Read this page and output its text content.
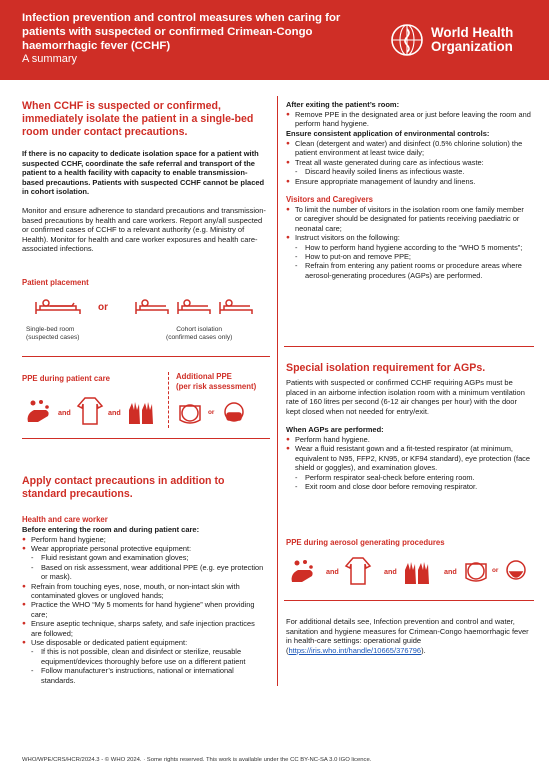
Infection prevention and control measures when caring for patients with suspected or confirmed Crimean-Congo haemorrhagic fever (CCHF)
A summary
World Health
Organization
When CCHF is suspected or confirmed, immediately isolate the patient in a single-bed room under contact precautions.
If there is no capacity to dedicate isolation space for a patient with suspected CCHF, coordinate the safe referral and transport of the patient to a health facility with capacity to enable transmission-based precautions. Patients with suspected CCHF cannot be placed in cohort isolation.
Monitor and ensure adherence to standard precautions and transmission-based precautions by health and care workers. Report any/all suspected or confirmed cases of CCHF to a relevant authority (e.g. Ministry of Health). Monitor for health and care worker exposures and health care-associated infections.
Patient placement
or
Single-bed room
(suspected cases)
Cohort isolation
(confirmed cases only)
PPE during patient care	Additional PPE
(per risk assessment)
and	and	or
Apply contact precautions in addition to standard precautions.
Health and care worker
Before entering the room and during patient care:
● Perform hand hygiene;
● Wear appropriate personal protective equipment:
- Fluid resistant gown and examination gloves;
- Based on risk assessment, wear additional PPE (e.g. eye protection or mask).
● Refrain from touching eyes, nose, mouth, or non-intact skin with contaminated gloves or ungloved hands;
● Practice the WHO “My 5 moments for hand hygiene” when providing care;
● Ensure aseptic technique, sharps safety, and safe injection practices are followed;
● Use disposable or dedicated patient equipment:
- If this is not possible, clean and disinfect or sterilize, reusable equipment/devices thoroughly before use on a different patient
- Follow manufacturer’s instructions, national or international standards.
After exiting the patient’s room:
● Remove PPE in the designated area or just before leaving the room and perform hand hygiene.
Ensure consistent application of environmental controls:
● Clean (detergent and water) and disinfect (0.5% chlorine solution) the patient environment at least twice daily;
● Treat all waste generated during care as infectious waste:
- Discard heavily soiled linens as infectious waste.
● Ensure appropriate management of laundry and linens.
Visitors and Caregivers
● To limit the number of visitors in the isolation room one family member or caregiver should be designated for patients receiving paediatric or neonatal care;
● Instruct visitors on the following:
- How to perform hand hygiene according to the “WHO 5 moments”;
- How to put-on and remove PPE;
- Refrain from entering any patient rooms or procedure areas where aerosol-generating procedures (AGPs) are performed.
Special isolation requirement for AGPs.
Patients with suspected or confirmed CCHF requiring AGPs must be placed in an airborne infection isolation room with a minimum ventilation rate of 160 litres per second (6-12 air changes per hour) with the door kept closed when not needed for entry/exit.
When AGPs are performed:
● Perform hand hygiene.
● Wear a fluid resistant gown and a fit-tested respirator (at minimum, equivalent to N95, FFP2, KN95, or KF94 standard), eye protection (face shield or goggles), and examination gloves.
- Perform respirator seal-check before entering room.
- Exit room and close door before removing respirator.
PPE during aerosol generating procedures
and	and	and	or
For additional details see, Infection prevention and control and water, sanitation and hygiene measures for Crimean-Congo haemorrhagic fever in health-care settings: operational guide (https://iris.who.int/handle/10665/376796).
WHO/WPE/CRS/HCR/2024.3 - © WHO 2024. · Some rights reserved. This work is available under the CC BY-NC-SA 3.0 IGO licence.
